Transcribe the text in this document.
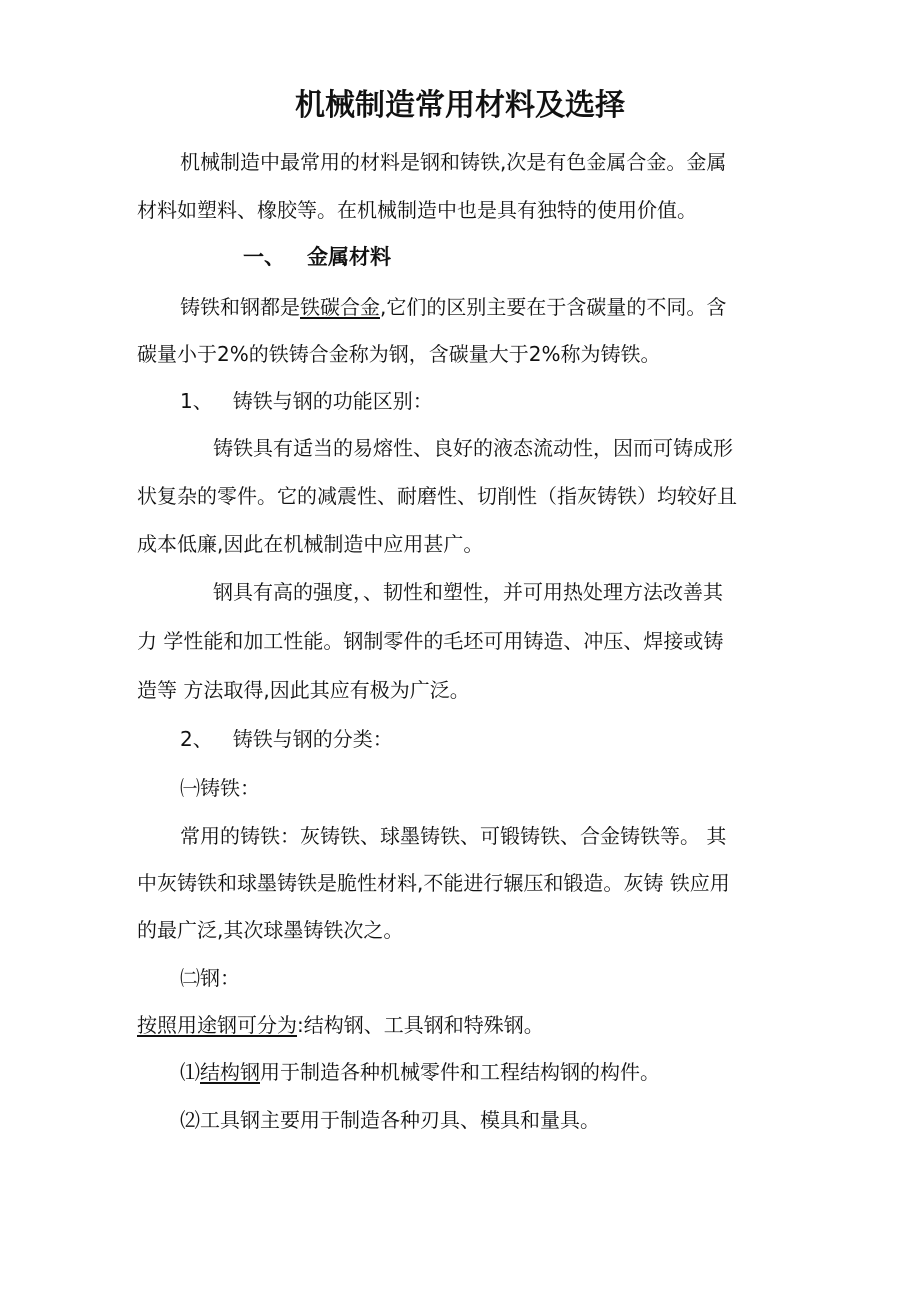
机械制造常用材料及选择
机械制造中最常用的材料是钢和铸铁,次是有色金属合金。金属
材料如塑料、橡胶等。在机械制造中也是具有独特的使用价值。
一、 金属材料
铸铁和钢都是铁碳合金,它们的区别主要在于含碳量的不同。含
碳量小于2%的铁铸合金称为钢，含碳量大于2%称为铸铁。
1、 铸铁与钢的功能区别：
铸铁具有适当的易熔性、良好的液态流动性，因而可铸成形
状复杂的零件。它的减震性、耐磨性、切削性（指灰铸铁）均较好且
成本低廉,因此在机械制造中应用甚广。
钢具有高的强度，、韧性和塑性，并可用热处理方法改善其
力 学性能和加工性能。钢制零件的毛坯可用铸造、冲压、焊接或铸
造等 方法取得,因此其应有极为广泛。
2、 铸铁与钢的分类：
㈠铸铁：
常用的铸铁：灰铸铁、球墨铸铁、可锻铸铁、合金铸铁等。 其
中灰铸铁和球墨铸铁是脆性材料,不能进行辗压和锻造。灰铸 铁应用
的最广泛,其次球墨铸铁次之。
㈡钢：
按照用途钢可分为:结构钢、工具钢和特殊钢。
⑴结构钢用于制造各种机械零件和工程结构钢的构件。
⑵工具钢主要用于制造各种刃具、模具和量具。
